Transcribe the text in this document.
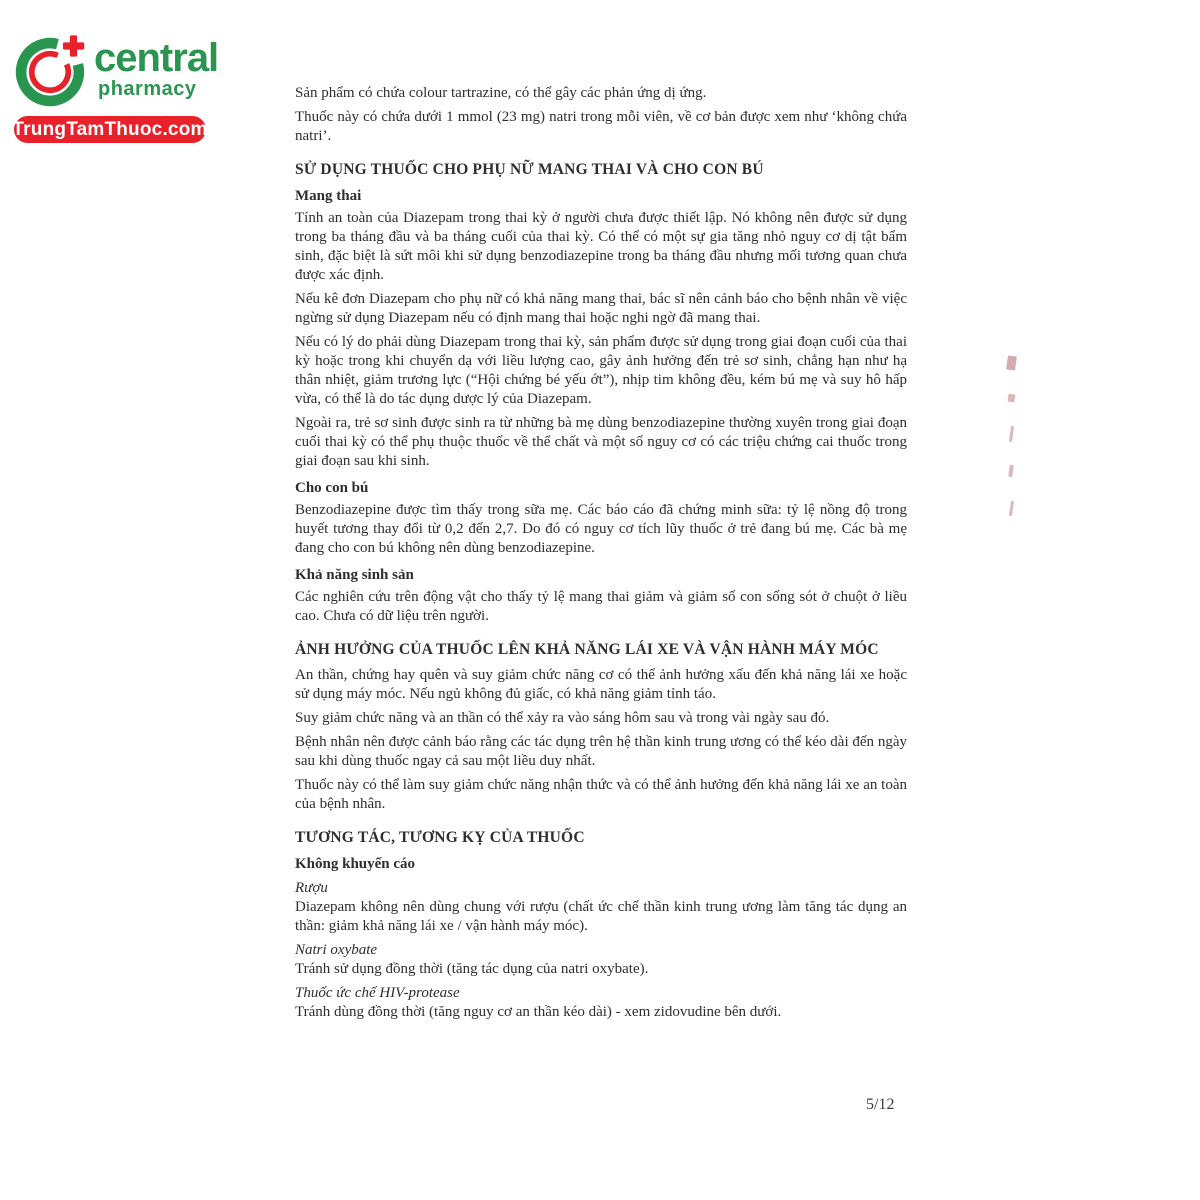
central
pharmacy
TrungTamThuoc.com

Sản phẩm có chứa colour tartrazine, có thể gây các phản ứng dị ứng.

Thuốc này có chứa dưới 1 mmol (23 mg) natri trong mỗi viên, về cơ bản được xem như ‘không chứa natri’.

SỬ DỤNG THUỐC CHO PHỤ NỮ MANG THAI VÀ CHO CON BÚ
Mang thai

Tính an toàn của Diazepam trong thai kỳ ở người chưa được thiết lập. Nó không nên được sử dụng trong ba tháng đầu và ba tháng cuối của thai kỳ. Có thể có một sự gia tăng nhỏ nguy cơ dị tật bẩm sinh, đặc biệt là sứt môi khi sử dụng benzodiazepine trong ba tháng đầu nhưng mối tương quan chưa được xác định.

Nếu kê đơn Diazepam cho phụ nữ có khả năng mang thai, bác sĩ nên cảnh báo cho bệnh nhân về việc ngừng sử dụng Diazepam nếu có định mang thai hoặc nghi ngờ đã mang thai.

Nếu có lý do phải dùng Diazepam trong thai kỳ, sản phẩm được sử dụng trong giai đoạn cuối của thai kỳ hoặc trong khi chuyển dạ với liều lượng cao, gây ảnh hưởng đến trẻ sơ sinh, chẳng hạn như hạ thân nhiệt, giảm trương lực (“Hội chứng bé yếu ớt”), nhịp tim không đều, kém bú mẹ và suy hô hấp vừa, có thể là do tác dụng dược lý của Diazepam.

Ngoài ra, trẻ sơ sinh được sinh ra từ những bà mẹ dùng benzodiazepine thường xuyên trong giai đoạn cuối thai kỳ có thể phụ thuộc thuốc về thể chất và một số nguy cơ có các triệu chứng cai thuốc trong giai đoạn sau khi sinh.

Cho con bú

Benzodiazepine được tìm thấy trong sữa mẹ. Các báo cáo đã chứng minh sữa: tỷ lệ nồng độ trong huyết tương thay đổi từ 0,2 đến 2,7. Do đó có nguy cơ tích lũy thuốc ở trẻ đang bú mẹ. Các bà mẹ đang cho con bú không nên dùng benzodiazepine.

Khả năng sinh sản

Các nghiên cứu trên động vật cho thấy tỷ lệ mang thai giảm và giảm số con sống sót ở chuột ở liều cao. Chưa có dữ liệu trên người.

ẢNH HƯỞNG CỦA THUỐC LÊN KHẢ NĂNG LÁI XE VÀ VẬN HÀNH MÁY MÓC

An thần, chứng hay quên và suy giảm chức năng cơ có thể ảnh hưởng xấu đến khả năng lái xe hoặc sử dụng máy móc. Nếu ngủ không đủ giấc, có khả năng giảm tỉnh táo.

Suy giảm chức năng và an thần có thể xảy ra vào sáng hôm sau và trong vài ngày sau đó.

Bệnh nhân nên được cảnh báo rằng các tác dụng trên hệ thần kinh trung ương có thể kéo dài đến ngày sau khi dùng thuốc ngay cả sau một liều duy nhất.

Thuốc này có thể làm suy giảm chức năng nhận thức và có thể ảnh hưởng đến khả năng lái xe an toàn của bệnh nhân.

TƯƠNG TÁC, TƯƠNG KỴ CỦA THUỐC
Không khuyến cáo

Rượu

Diazepam không nên dùng chung với rượu (chất ức chế thần kinh trung ương làm tăng tác dụng an thần: giảm khả năng lái xe / vận hành máy móc).

Natri oxybate

Tránh sử dụng đồng thời (tăng tác dụng của natri oxybate).

Thuốc ức chế HIV-protease

Tránh dùng đồng thời (tăng nguy cơ an thần kéo dài) - xem zidovudine bên dưới.

5/12
